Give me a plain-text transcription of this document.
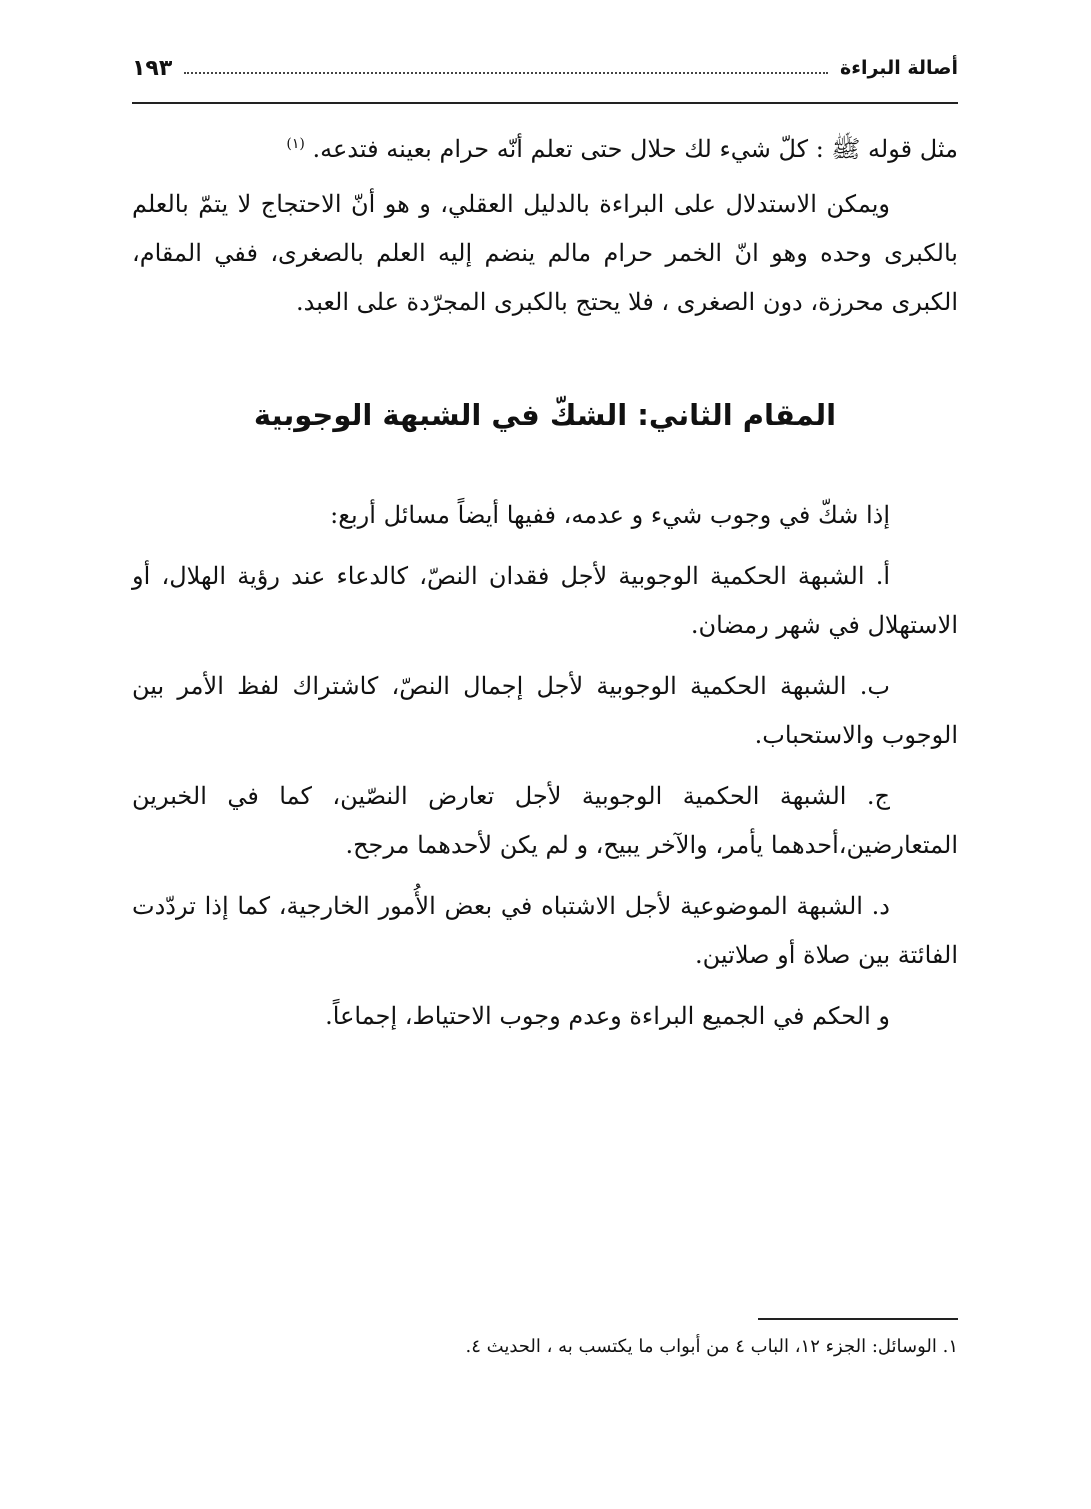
أصالة البراءة
١٩٣

مثل قوله ﷺ : كلّ شيء لك حلال حتى تعلم أنّه حرام بعينه فتدعه. $^{(١)}$

ويمكن الاستدلال على البراءة بالدليل العقلي، و هو أنّ الاحتجاج لا يتمّ بالعلم بالكبرى وحده وهو انّ الخمر حرام مالم ينضم إليه العلم بالصغرى، ففي المقام، الكبرى محرزة، دون الصغرى ، فلا يحتج بالكبرى المجرّدة على العبد.

المقام الثاني: الشكّ في الشبهة الوجوبية

إذا شكّ في وجوب شيء و عدمه، ففيها أيضاً مسائل أربع:

أ. الشبهة الحكمية الوجوبية لأجل فقدان النصّ، كالدعاء عند رؤية الهلال، أو الاستهلال في شهر رمضان.

ب. الشبهة الحكمية الوجوبية لأجل إجمال النصّ، كاشتراك لفظ الأمر بين الوجوب والاستحباب.

ج. الشبهة الحكمية الوجوبية لأجل تعارض النصّين، كما في الخبرين المتعارضين،أحدهما يأمر، والآخر يبيح، و لم يكن لأحدهما مرجح.

د. الشبهة الموضوعية لأجل الاشتباه في بعض الأُمور الخارجية، كما إذا تردّدت الفائتة بين صلاة أو صلاتين.

و الحكم في الجميع البراءة وعدم وجوب الاحتياط، إجماعاً.

١. الوسائل: الجزء ١٢، الباب ٤ من أبواب ما يكتسب به ، الحديث ٤.
